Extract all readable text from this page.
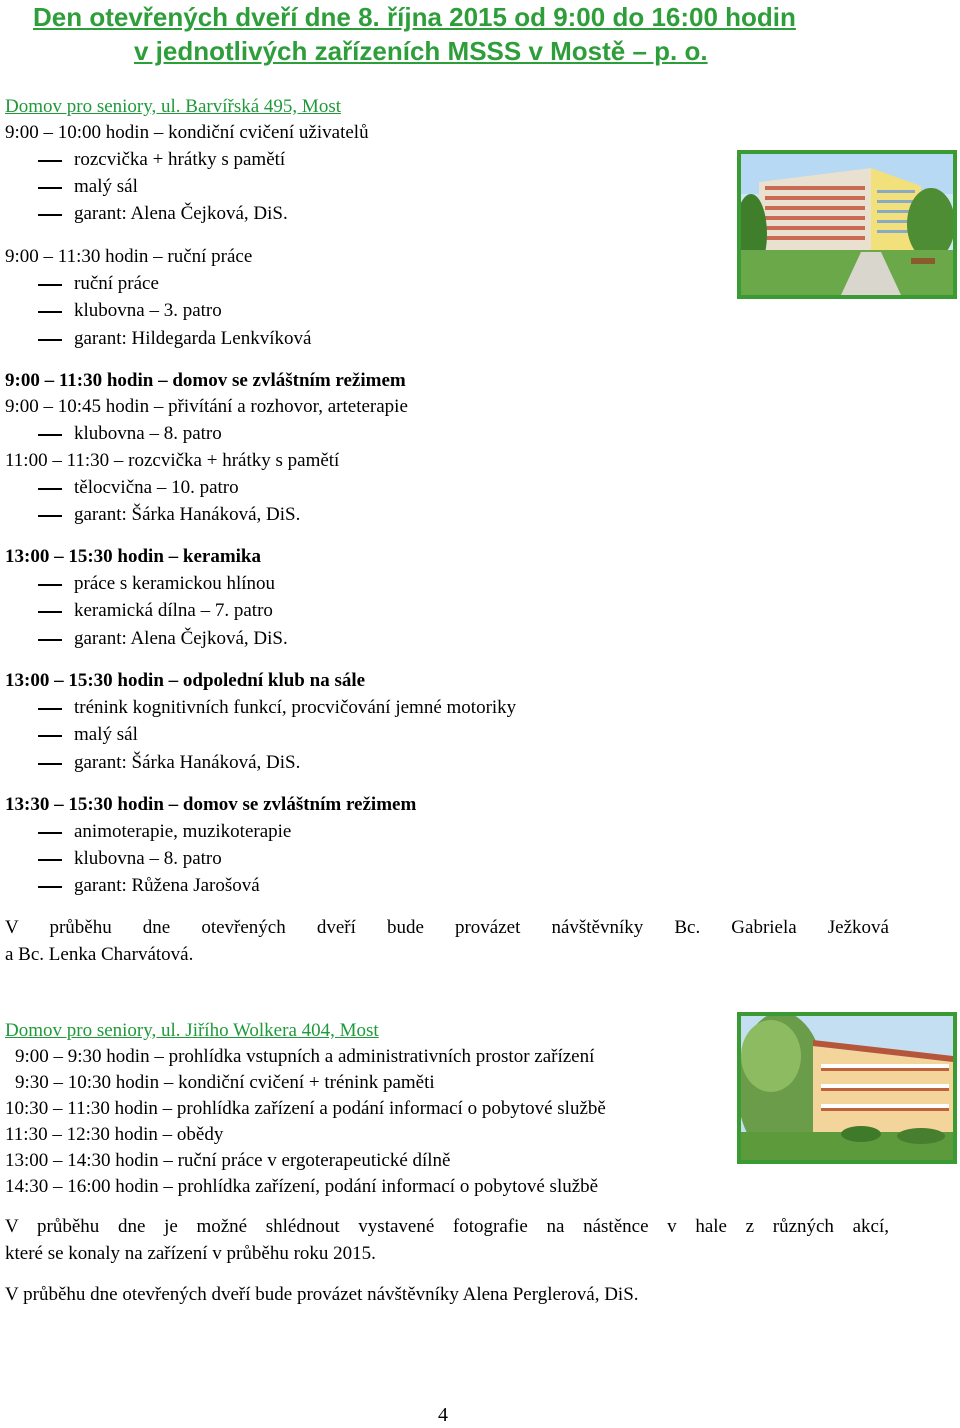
Den otevřených dveří dne 8. října 2015 od 9:00 do 16:00 hodin
v jednotlivých zařízeních MSSS v Mostě – p. o.
Domov pro seniory, ul. Barvířská 495, Most
9:00 – 10:00 hodin – kondiční cvičení uživatelů
rozcvička + hrátky s pamětí
malý sál
garant: Alena Čejková, DiS.
9:00 – 11:30 hodin – ruční práce
ruční práce
klubovna – 3. patro
garant: Hildegarda Lenkvíková
9:00 – 11:30 hodin – domov se zvláštním režimem
9:00 – 10:45 hodin – přivítání a rozhovor, arteterapie
klubovna – 8. patro
11:00 – 11:30 – rozcvička + hrátky s pamětí
tělocvična – 10. patro
garant: Šárka Hanáková, DiS.
13:00 – 15:30 hodin – keramika
práce s keramickou hlínou
keramická dílna – 7. patro
garant: Alena Čejková, DiS.
13:00 – 15:30 hodin – odpolední klub na sále
trénink kognitivních funkcí, procvičování jemné motoriky
malý sál
garant: Šárka Hanáková, DiS.
13:30 – 15:30 hodin – domov se zvláštním režimem
animoterapie, muzikoterapie
klubovna – 8. patro
garant: Růžena Jarošová
V průběhu dne otevřených dveří bude provázet návštěvníky Bc. Gabriela Ježková
a Bc. Lenka Charvátová.
Domov pro seniory, ul. Jiřího Wolkera 404, Most
9:00 – 9:30 hodin – prohlídka vstupních a administrativních prostor zařízení
9:30 – 10:30 hodin – kondiční cvičení + trénink paměti
10:30 – 11:30 hodin – prohlídka zařízení a podání informací o pobytové službě
11:30 – 12:30 hodin – obědy
13:00 – 14:30 hodin – ruční práce v ergoterapeutické dílně
14:30 – 16:00 hodin – prohlídka zařízení, podání informací o pobytové službě
V průběhu dne je možné shlédnout vystavené fotografie na nástěnce v hale z různých akcí,
které se konaly na zařízení v průběhu roku 2015.
V průběhu dne otevřených dveří bude provázet návštěvníky Alena Perglerová, DiS.
4
